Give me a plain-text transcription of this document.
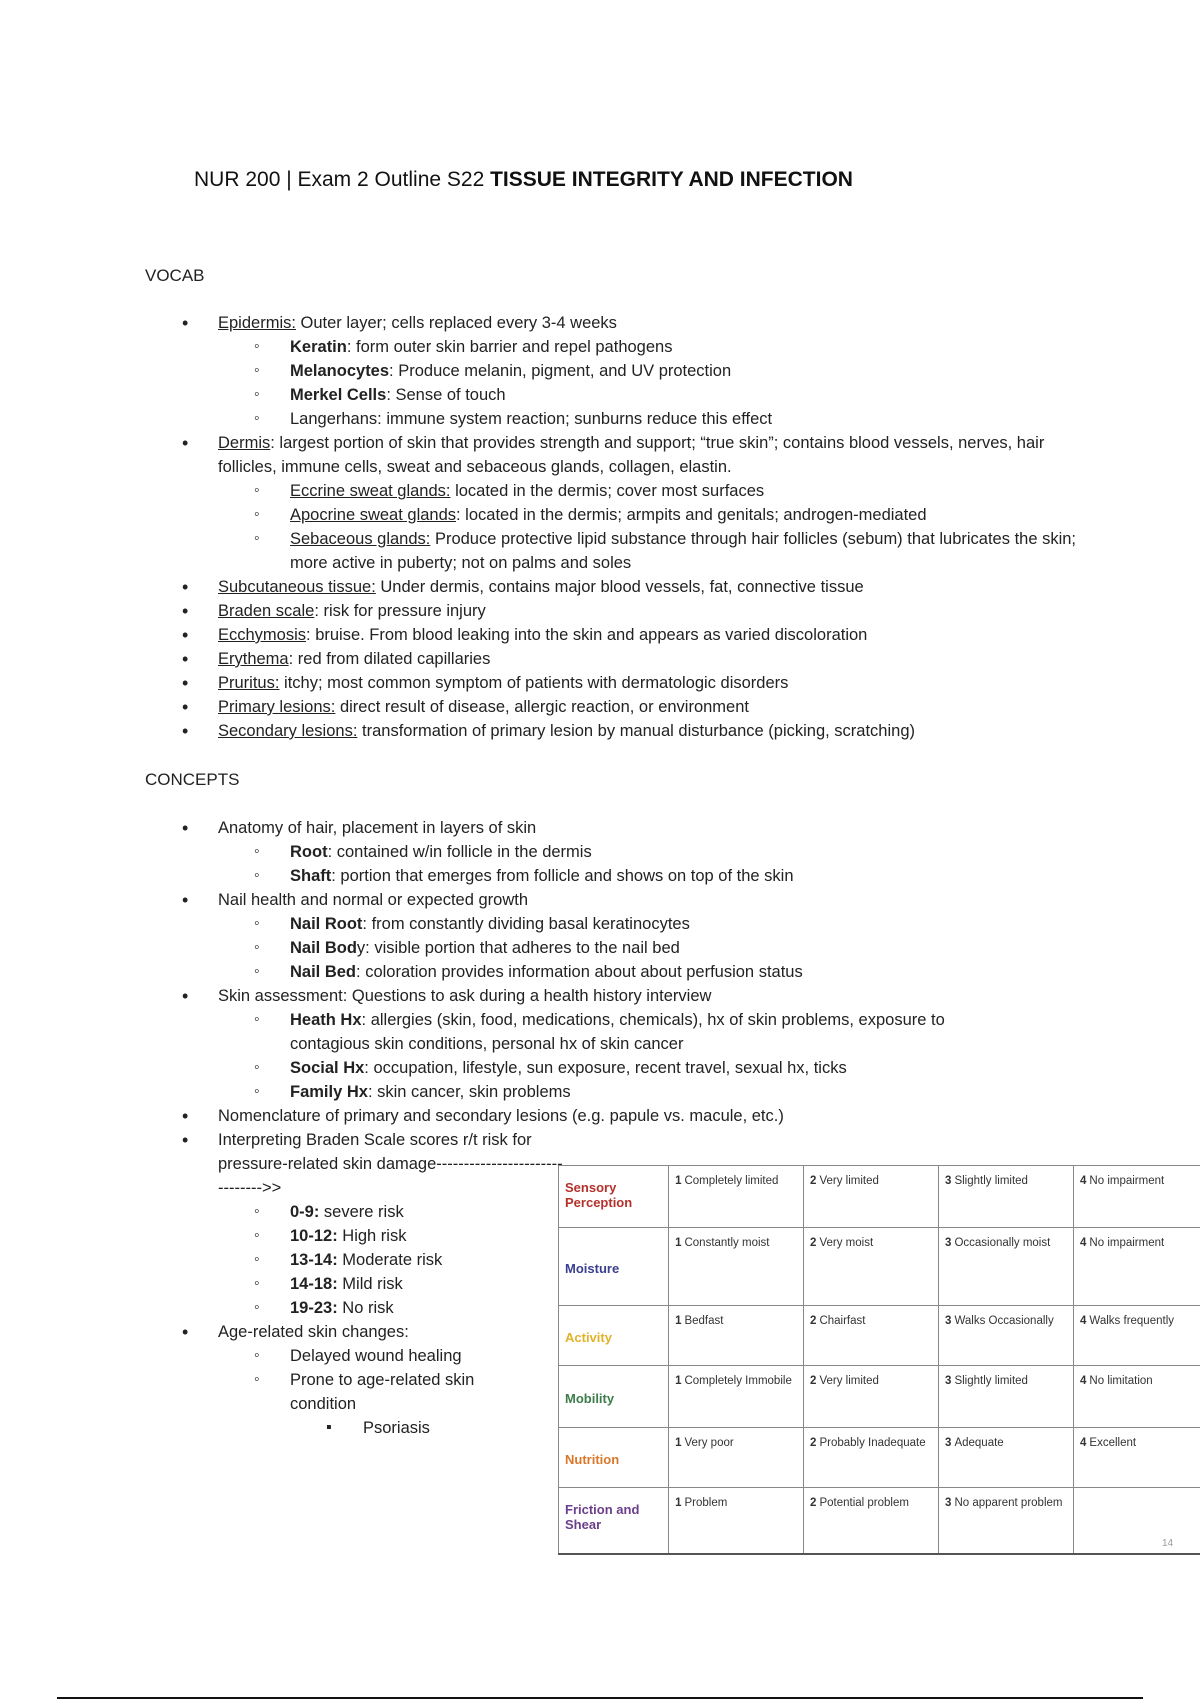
NUR 200 | Exam 2 Outline S22 TISSUE INTEGRITY AND INFECTION
VOCAB
• Epidermis: Outer layer; cells replaced every 3-4 weeks
◦ Keratin: form outer skin barrier and repel pathogens
◦ Melanocytes: Produce melanin, pigment, and UV protection
◦ Merkel Cells: Sense of touch
◦ Langerhans: immune system reaction; sunburns reduce this effect
• Dermis: largest portion of skin that provides strength and support; “true skin”; contains blood vessels, nerves, hair follicles, immune cells, sweat and sebaceous glands, collagen, elastin.
◦ Eccrine sweat glands: located in the dermis; cover most surfaces
◦ Apocrine sweat glands: located in the dermis; armpits and genitals; androgen-mediated
◦ Sebaceous glands: Produce protective lipid substance through hair follicles (sebum) that lubricates the skin; more active in puberty; not on palms and soles
• Subcutaneous tissue: Under dermis, contains major blood vessels, fat, connective tissue
• Braden scale: risk for pressure injury
• Ecchymosis: bruise. From blood leaking into the skin and appears as varied discoloration
• Erythema: red from dilated capillaries
• Pruritus: itchy; most common symptom of patients with dermatologic disorders
• Primary lesions: direct result of disease, allergic reaction, or environment
• Secondary lesions: transformation of primary lesion by manual disturbance (picking, scratching)
CONCEPTS
• Anatomy of hair, placement in layers of skin
◦ Root: contained w/in follicle in the dermis
◦ Shaft: portion that emerges from follicle and shows on top of the skin
• Nail health and normal or expected growth
◦ Nail Root: from constantly dividing basal keratinocytes
◦ Nail Body: visible portion that adheres to the nail bed
◦ Nail Bed: coloration provides information about about perfusion status
• Skin assessment: Questions to ask during a health history interview
◦ Heath Hx: allergies (skin, food, medications, chemicals), hx of skin problems, exposure to contagious skin conditions, personal hx of skin cancer
◦ Social Hx: occupation, lifestyle, sun exposure, recent travel, sexual hx, ticks
◦ Family Hx: skin cancer, skin problems
• Nomenclature of primary and secondary lesions (e.g. papule vs. macule, etc.)
• Interpreting Braden Scale scores r/t risk for pressure-related skin damage------------------------------->>
◦ 0-9: severe risk
◦ 10-12: High risk
◦ 13-14: Moderate risk
◦ 14-18: Mild risk
◦ 19-23: No risk
• Age-related skin changes:
◦ Delayed wound healing
◦ Prone to age-related skin condition
▪ Psoriasis
Sensory Perception	1 Completely limited	2 Very limited	3 Slightly limited	4 No impairment
Moisture	1 Constantly moist	2 Very moist	3 Occasionally moist	4 No impairment
Activity	1 Bedfast	2 Chairfast	3 Walks Occasionally	4 Walks frequently
Mobility	1 Completely Immobile	2 Very limited	3 Slightly limited	4 No limitation
Nutrition	1 Very poor	2 Probably Inadequate	3 Adequate	4 Excellent
Friction and Shear	1 Problem	2 Potential problem	3 No apparent problem	
14
